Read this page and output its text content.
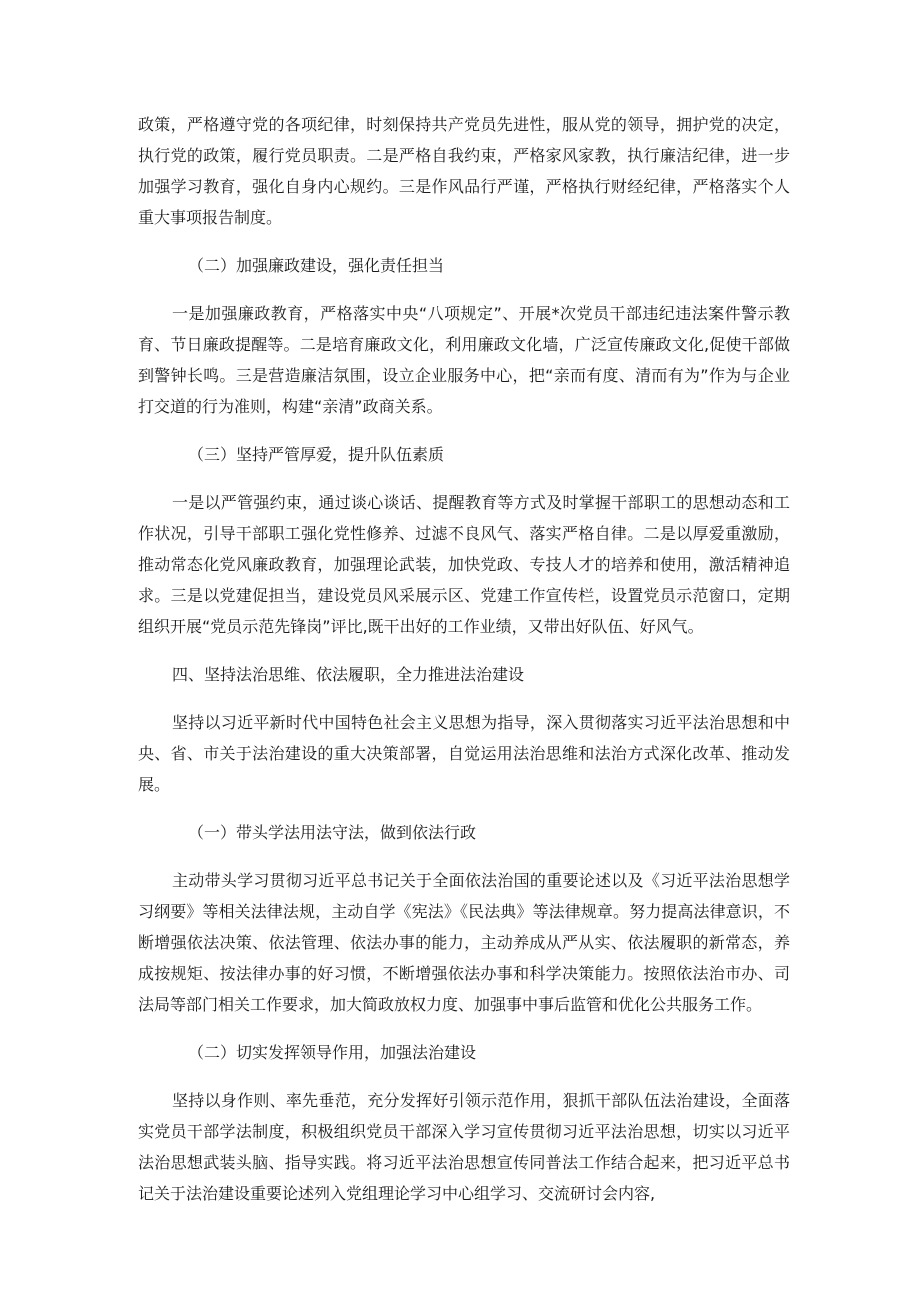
政策，严格遵守党的各项纪律，时刻保持共产党员先进性，服从党的领导，拥护党的决定，执行党的政策，履行党员职责。二是严格自我约束，严格家风家教，执行廉洁纪律，进一步加强学习教育，强化自身内心规约。三是作风品行严谨，严格执行财经纪律，严格落实个人重大事项报告制度。

（二）加强廉政建设，强化责任担当

一是加强廉政教育，严格落实中央“八项规定”、开展*次党员干部违纪违法案件警示教育、节日廉政提醒等。二是培育廉政文化，利用廉政文化墙，广泛宣传廉政文化,促使干部做到警钟长鸣。三是营造廉洁氛围，设立企业服务中心，把“亲而有度、清而有为”作为与企业打交道的行为准则，构建“亲清”政商关系。

（三）坚持严管厚爱，提升队伍素质

一是以严管强约束，通过谈心谈话、提醒教育等方式及时掌握干部职工的思想动态和工作状况，引导干部职工强化党性修养、过滤不良风气、落实严格自律。二是以厚爱重激励，推动常态化党风廉政教育，加强理论武装，加快党政、专技人才的培养和使用，激活精神追求。三是以党建促担当，建设党员风采展示区、党建工作宣传栏，设置党员示范窗口，定期组织开展“党员示范先锋岗”评比,既干出好的工作业绩，又带出好队伍、好风气。

四、坚持法治思维、依法履职，全力推进法治建设

坚持以习近平新时代中国特色社会主义思想为指导，深入贯彻落实习近平法治思想和中央、省、市关于法治建设的重大决策部署，自觉运用法治思维和法治方式深化改革、推动发展。

（一）带头学法用法守法，做到依法行政

主动带头学习贯彻习近平总书记关于全面依法治国的重要论述以及《习近平法治思想学习纲要》等相关法律法规，主动自学《宪法》《民法典》等法律规章。努力提高法律意识，不断增强依法决策、依法管理、依法办事的能力，主动养成从严从实、依法履职的新常态，养成按规矩、按法律办事的好习惯，不断增强依法办事和科学决策能力。按照依法治市办、司法局等部门相关工作要求，加大简政放权力度、加强事中事后监管和优化公共服务工作。

（二）切实发挥领导作用，加强法治建设

坚持以身作则、率先垂范，充分发挥好引领示范作用，狠抓干部队伍法治建设，全面落实党员干部学法制度，积极组织党员干部深入学习宣传贯彻习近平法治思想，切实以习近平法治思想武装头脑、指导实践。将习近平法治思想宣传同普法工作结合起来，把习近平总书记关于法治建设重要论述列入党组理论学习中心组学习、交流研讨会内容,
